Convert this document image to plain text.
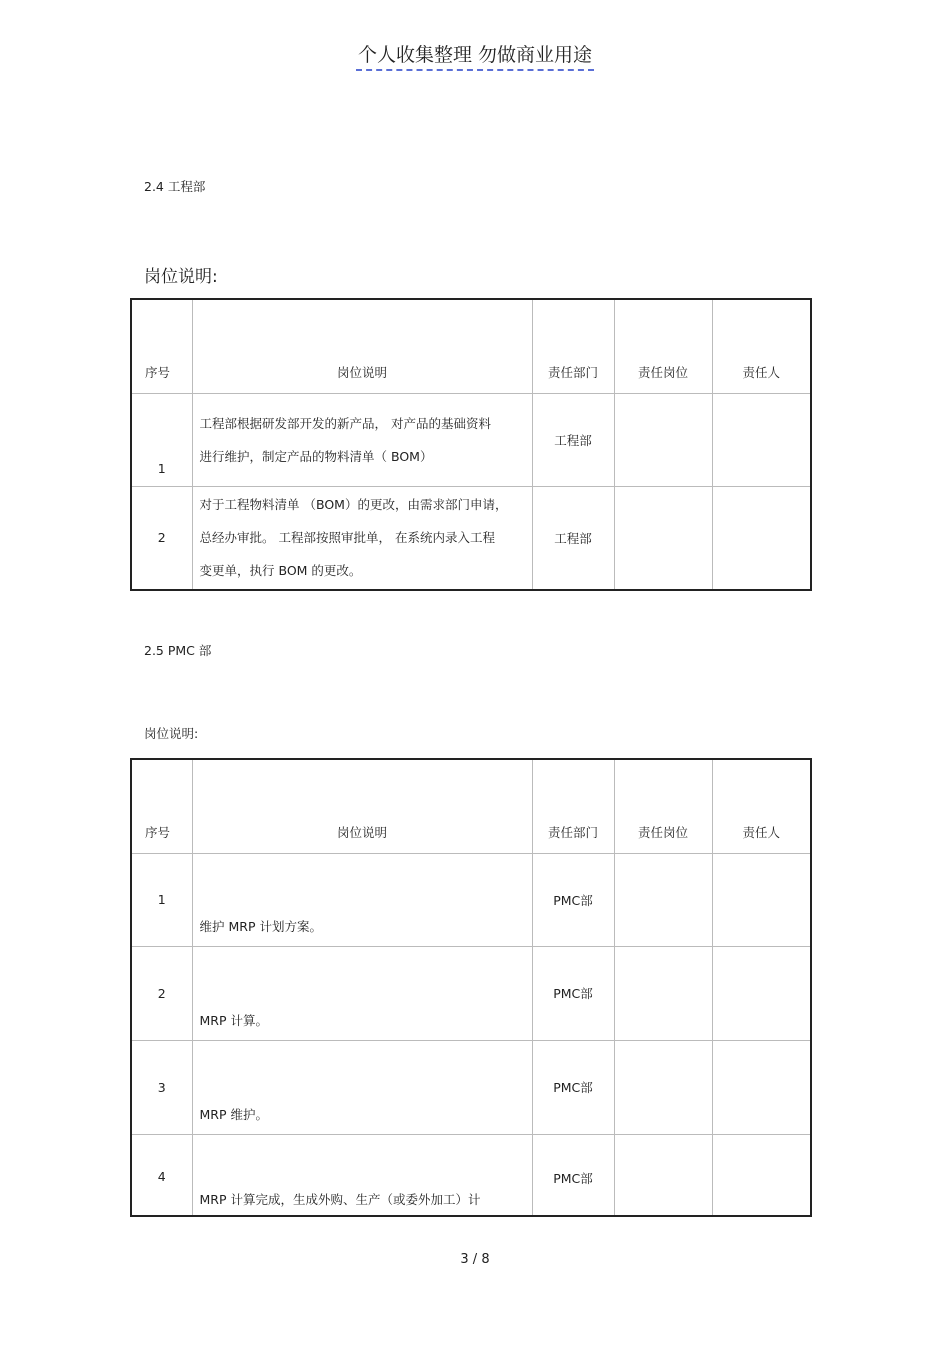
个人收集整理 勿做商业用途
2.4 工程部
岗位说明:
序号	岗位说明	责任部门	责任岗位	责任人
1	工程部根据研发部开发的新产品， 对产品的基础资料
进行维护，制定产品的物料清单（ BOM）	工程部		
2	对于工程物料清单 （BOM）的更改，由需求部门申请，
总经办审批。 工程部按照审批单， 在系统内录入工程
变更单，执行 BOM 的更改。	工程部		
2.5 PMC 部
岗位说明:
序号	岗位说明	责任部门	责任岗位	责任人
1	维护 MRP 计划方案。	PMC部		
2	MRP 计算。	PMC部		
3	MRP 维护。	PMC部		
4	MRP 计算完成，生成外购、生产（或委外加工）计	PMC部		
3 / 8
